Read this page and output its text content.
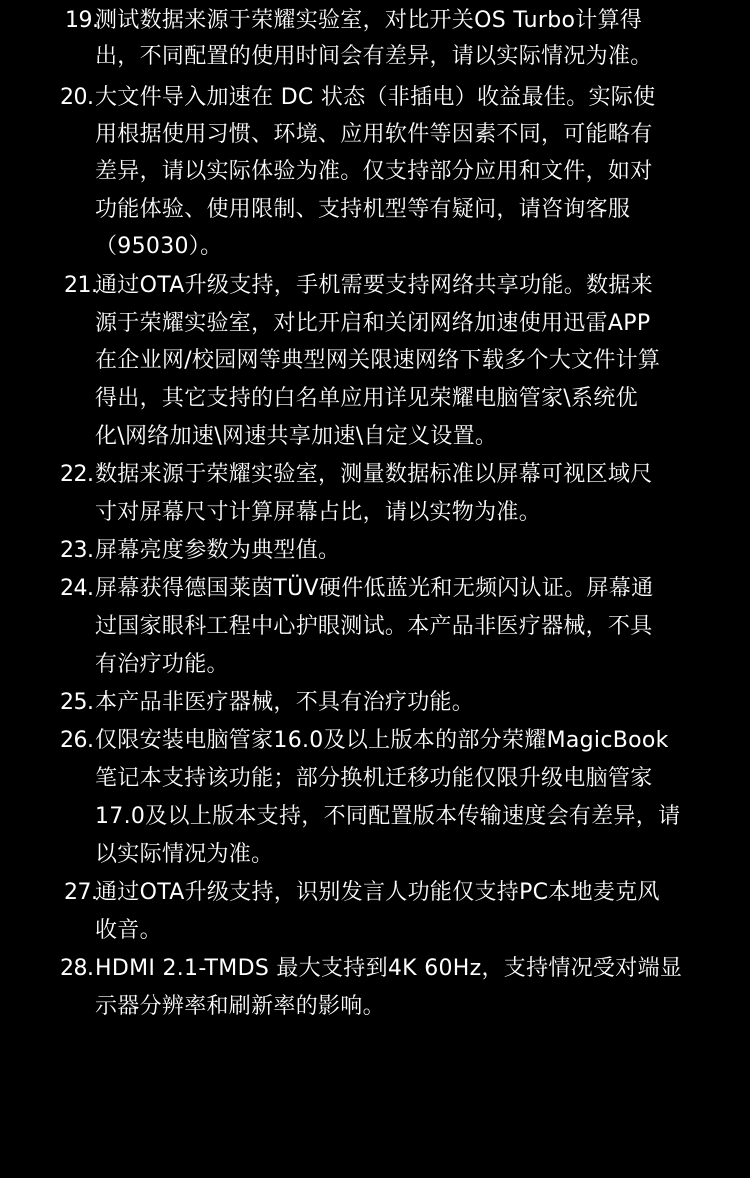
19.
测试数据来源于荣耀实验室，对比开关OS Turbo计算得
出，不同配置的使用时间会有差异，请以实际情况为准。
20. 大文件导入加速在 DC 状态（非插电）收益最佳。实际使
用根据使用习惯、环境、应用软件等因素不同，可能略有
差异，请以实际体验为准。仅支持部分应用和文件，如对
功能体验、使用限制、支持机型等有疑问，请咨询客服
（95030）。
21.
通过OTA升级支持，手机需要支持网络共享功能。数据来
源于荣耀实验室，对比开启和关闭网络加速使用迅雷APP
在企业网/校园网等典型网关限速网络下载多个大文件计算
得出，其它支持的白名单应用详见荣耀电脑管家\系统优
化\网络加速\网速共享加速\自定义设置。
22. 数据来源于荣耀实验室，测量数据标准以屏幕可视区域尺
寸对屏幕尺寸计算屏幕占比，请以实物为准。
23. 屏幕亮度参数为典型值。
24. 屏幕获得德国莱茵TÜV硬件低蓝光和无频闪认证。屏幕通
过国家眼科工程中心护眼测试。本产品非医疗器械，不具
有治疗功能。
25. 本产品非医疗器械，不具有治疗功能。
26. 仅限安装电脑管家16.0及以上版本的部分荣耀MagicBook
笔记本支持该功能；部分换机迁移功能仅限升级电脑管家
17.0及以上版本支持，不同配置版本传输速度会有差异，请
以实际情况为准。
27.
通过OTA升级支持，识别发言人功能仅支持PC本地麦克风
收音。
28. HDMI 2.1-TMDS 最大支持到4K 60Hz，支持情况受对端显
示器分辨率和刷新率的影响。
